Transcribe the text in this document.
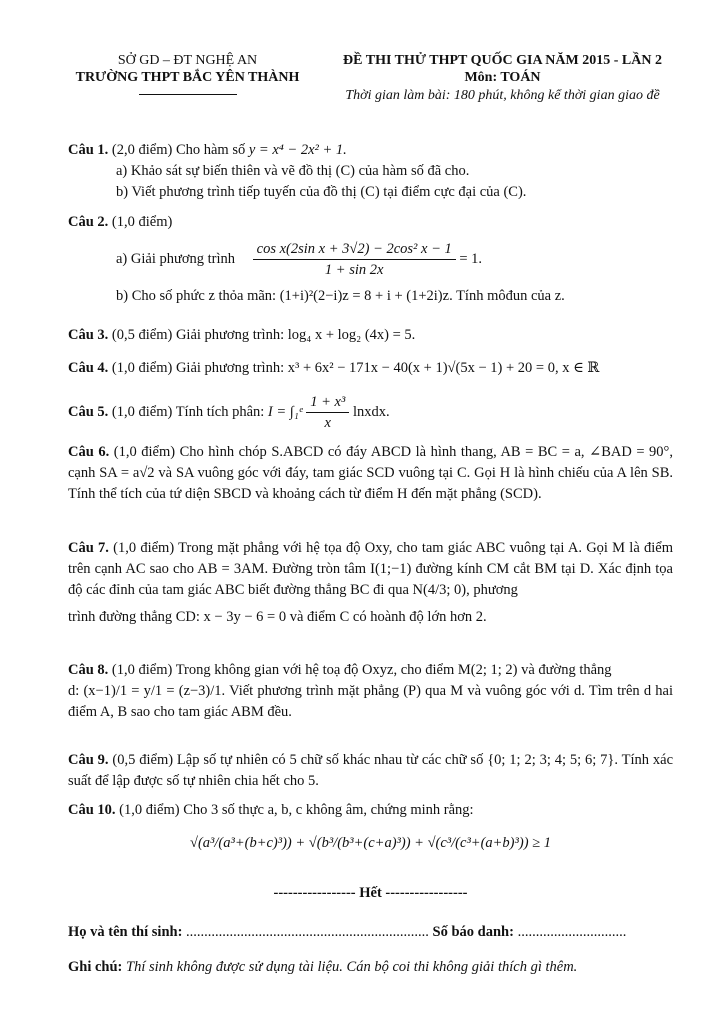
SỞ GD – ĐT NGHỆ AN
TRƯỜNG THPT BẮC YÊN THÀNH
ĐỀ THI THỬ THPT QUỐC GIA NĂM 2015 - LẦN 2
Môn: TOÁN
Thời gian làm bài: 180 phút, không kể thời gian giao đề
Câu 1. (2,0 điểm) Cho hàm số y = x⁴ − 2x² + 1.
a) Khảo sát sự biến thiên và vẽ đồ thị (C) của hàm số đã cho.
b) Viết phương trình tiếp tuyến của đồ thị (C) tại điểm cực đại của (C).
Câu 2. (1,0 điểm)
a) Giải phương trình $\frac{\text{cos x(2sin x + 3√2) − 2cos² x − 1}}{1 + \sin 2x} = 1$.
b) Cho số phức z thỏa mãn: (1+i)²(2−i)z = 8 + i + (1+2i)z. Tính môđun của z.
Câu 3. (0,5 điểm) Giải phương trình: log₄ x + log₂ (4x) = 5.
Câu 4. (1,0 điểm) Giải phương trình: x³ + 6x² − 171x − 40(x + 1)√(5x − 1) + 20 = 0, x ∈ ℝ
Câu 5. (1,0 điểm) Tính tích phân: I = ∫₁ᵉ $\frac{\text{1 + x³}}{x}$ lnxdx.
Câu 6. (1,0 điểm) Cho hình chóp S.ABCD có đáy ABCD là hình thang, AB = BC = a, ∠BAD = 90°, cạnh SA = a√2 và SA vuông góc với đáy, tam giác SCD vuông tại C. Gọi H là hình chiếu của A lên SB. Tính thể tích của tứ diện SBCD và khoảng cách từ điểm H đến mặt phẳng (SCD).
Câu 7. (1,0 điểm) Trong mặt phẳng với hệ tọa độ Oxy, cho tam giác ABC vuông tại A. Gọi M là điểm trên cạnh AC sao cho AB = 3AM. Đường tròn tâm I(1;−1) đường kính CM cắt BM tại D. Xác định tọa độ các đỉnh của tam giác ABC biết đường thẳng BC đi qua N(4/3; 0), phương
trình đường thẳng CD: x − 3y − 6 = 0 và điểm C có hoành độ lớn hơn 2.
Câu 8. (1,0 điểm) Trong không gian với hệ toạ độ Oxyz, cho điểm M(2; 1; 2) và đường thẳng
d: (x−1)/1 = y/1 = (z−3)/1. Viết phương trình mặt phẳng (P) qua M và vuông góc với d. Tìm trên d hai điểm A, B sao cho tam giác ABM đều.
Câu 9. (0,5 điểm) Lập số tự nhiên có 5 chữ số khác nhau từ các chữ số {0; 1; 2; 3; 4; 5; 6; 7}. Tính xác suất để lập được số tự nhiên chia hết cho 5.
Câu 10. (1,0 điểm) Cho 3 số thực a, b, c không âm, chứng minh rằng:
√(a³/(a³+(b+c)³)) + √(b³/(b³+(c+a)³)) + √(c³/(c³+(a+b)³)) ≥ 1
----------------- Hết -----------------
Họ và tên thí sinh: ................................................................... Số báo danh: ..............................
Ghi chú: Thí sinh không được sử dụng tài liệu. Cán bộ coi thi không giải thích gì thêm.
